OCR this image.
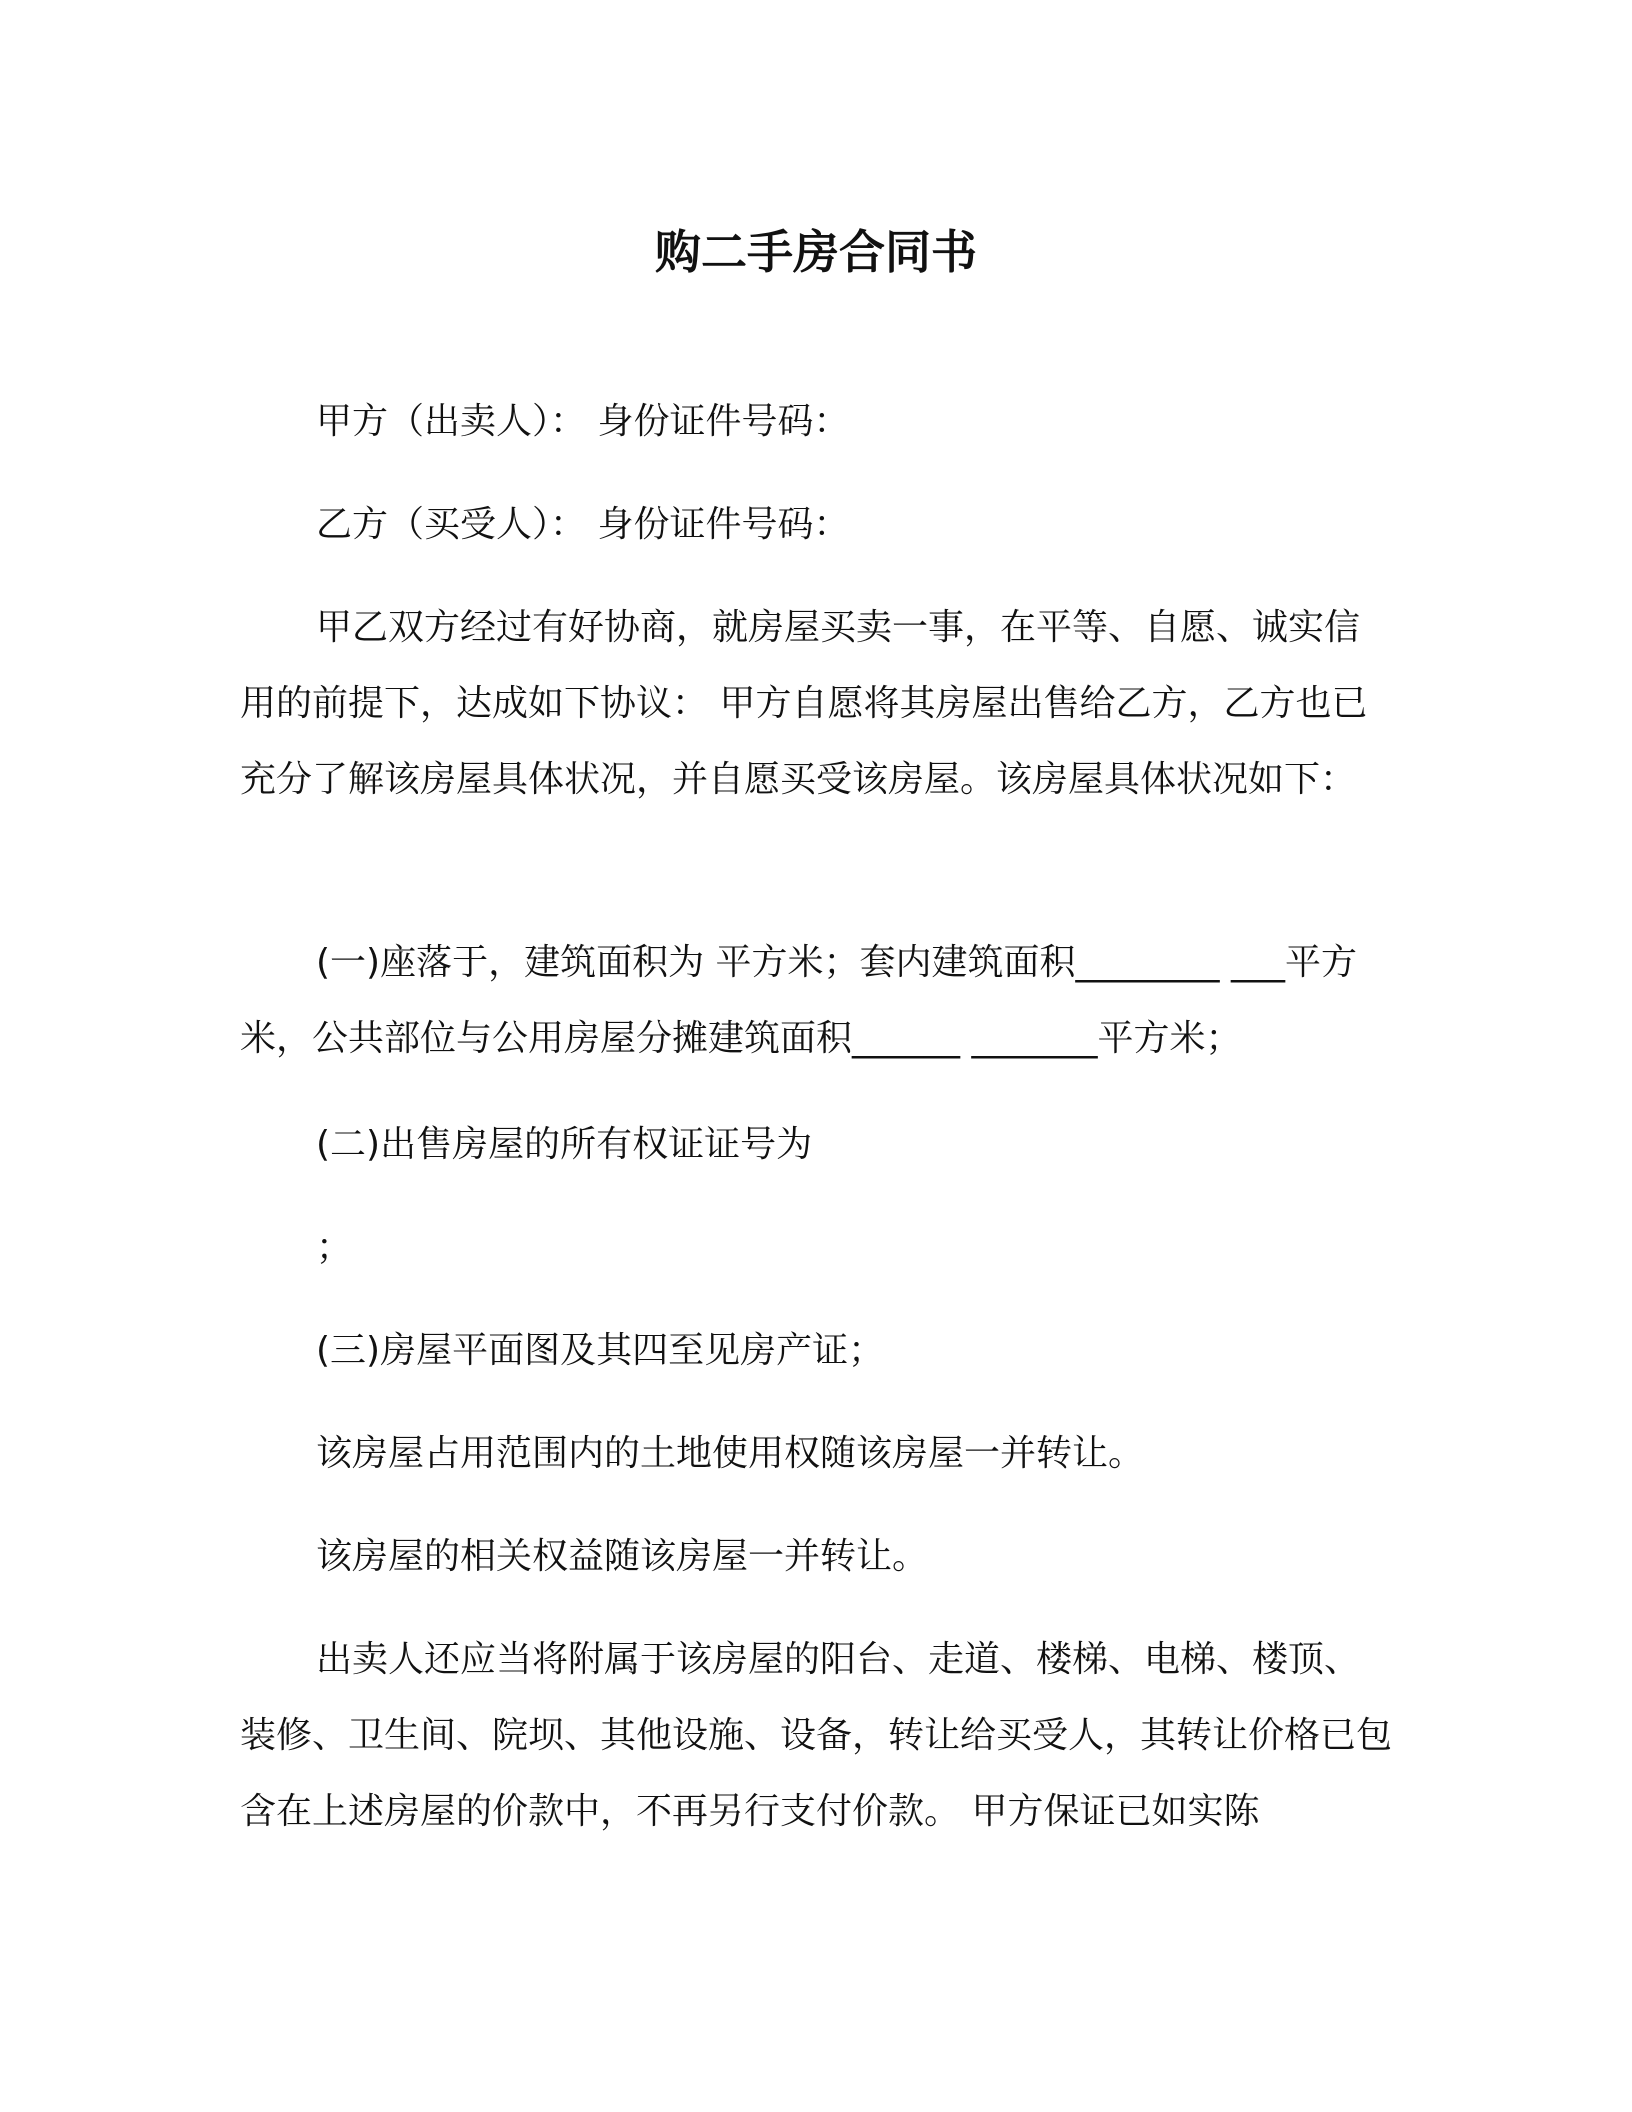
购二手房合同书

甲方（出卖人）： 身份证件号码：

乙方（买受人）： 身份证件号码：

甲乙双方经过有好协商，就房屋买卖一事，在平等、自愿、诚实信用的前提下，达成如下协议： 甲方自愿将其房屋出售给乙方，乙方也已充分了解该房屋具体状况，并自愿买受该房屋。该房屋具体状况如下：

(一)座落于，建筑面积为 平方米；套内建筑面积________ ___平方米，公共部位与公用房屋分摊建筑面积______ _______平方米；

(二)出售房屋的所有权证证号为

；

(三)房屋平面图及其四至见房产证；

该房屋占用范围内的土地使用权随该房屋一并转让。

该房屋的相关权益随该房屋一并转让。

出卖人还应当将附属于该房屋的阳台、走道、楼梯、电梯、楼顶、装修、卫生间、院坝、其他设施、设备，转让给买受人，其转让价格已包含在上述房屋的价款中，不再另行支付价款。 甲方保证已如实陈
